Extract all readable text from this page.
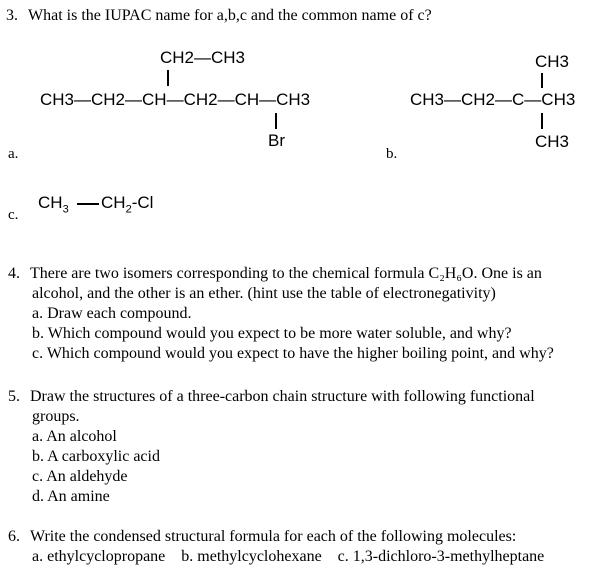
3. What is the IUPAC name for a,b,c and the common name of c?
CH2—CH3
CH3—CH2—CH—CH2—CH—CH3
Br
a.
CH3
CH3—CH2—C—CH3
CH3
b.
c.
$CH_3$ $CH_2-Cl$
4. There are two isomers corresponding to the chemical formula C₂H₆O. One is an
alcohol, and the other is an ether. (hint use the table of electronegativity)
a. Draw each compound.
b. Which compound would you expect to be more water soluble, and why?
c. Which compound would you expect to have the higher boiling point, and why?
5. Draw the structures of a three-carbon chain structure with following functional
groups.
a. An alcohol
b. A carboxylic acid
c. An aldehyde
d. An amine
6. Write the condensed structural formula for each of the following molecules:
a. ethylcyclopropane b. methylcyclohexane c. 1,3-dichloro-3-methylheptane
